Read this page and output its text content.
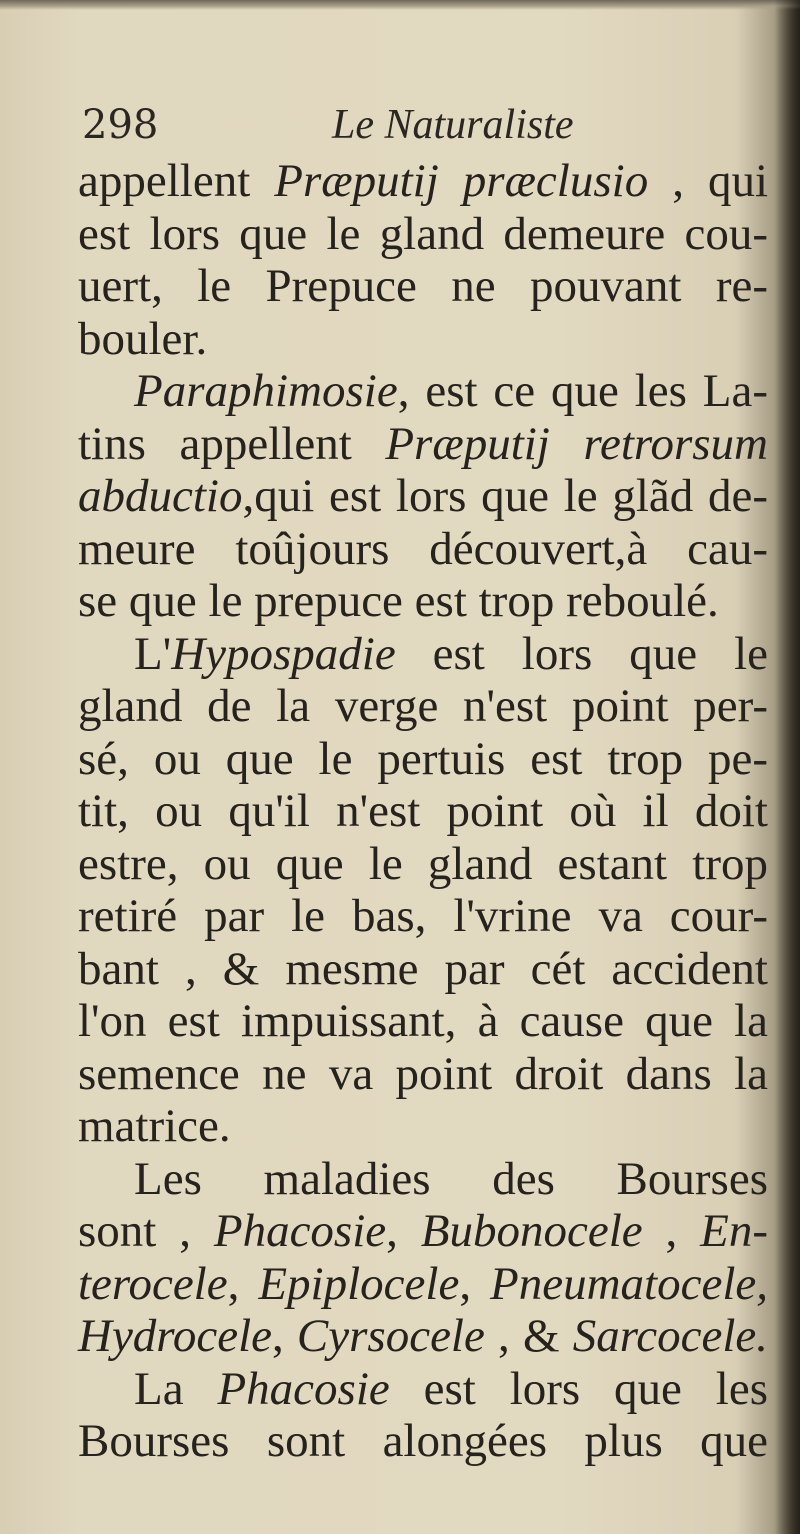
298	Le Naturaliste
appellent Præputij præclusio , qui
est lors que le gland demeure cou-
uert, le Prepuce ne pouvant re-
bouler.
Paraphimosie, est ce que les La-
tins appellent Præputij retrorsum
abductio,qui est lors que le glãd de-
meure toûjours découvert,à cau-
se que le prepuce est trop reboulé.
L'Hypospadie est lors que le
gland de la verge n'est point per-
sé, ou que le pertuis est trop pe-
tit, ou qu'il n'est point où il doit
estre, ou que le gland estant trop
retiré par le bas, l'vrine va cour-
bant , & mesme par cét accident
l'on est impuissant, à cause que la
semence ne va point droit dans la
matrice.
Les maladies des Bourses
sont , Phacosie, Bubonocele , En-
terocele, Epiplocele, Pneumatocele,
Hydrocele, Cyrsocele , & Sarcocele.
La Phacosie est lors que les
Bourses sont alongées plus que
